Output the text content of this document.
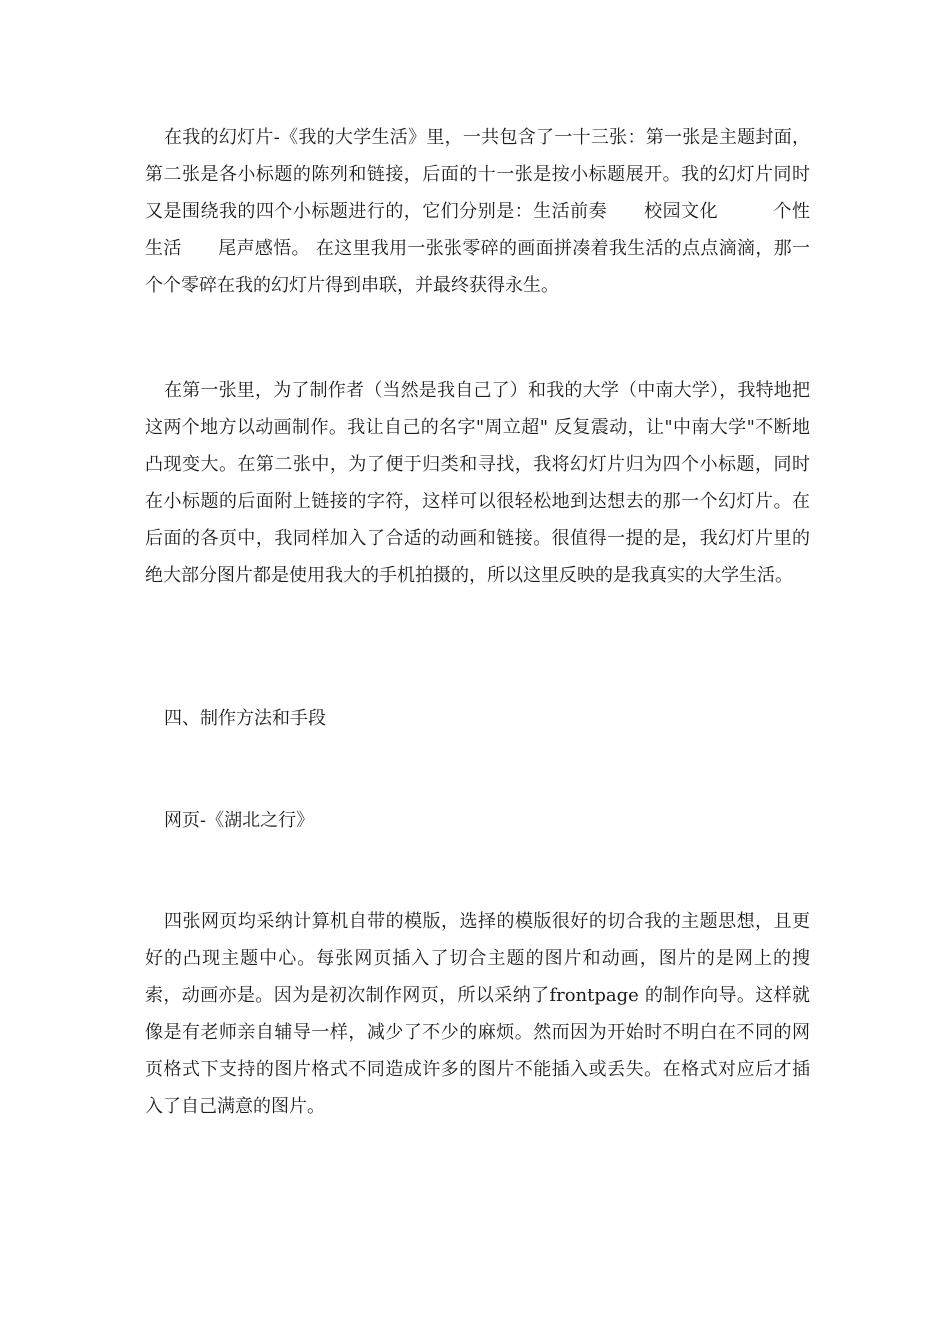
在我的幻灯片-《我的大学生活》里，一共包含了一十三张：第一张是主题封面，第二张是各小标题的陈列和链接，后面的十一张是按小标题展开。我的幻灯片同时又是围绕我的四个小标题进行的，它们分别是：生活前奏　　校园文化　　　个性生活　　尾声感悟。 在这里我用一张张零碎的画面拼凑着我生活的点点滴滴，那一个个零碎在我的幻灯片得到串联，并最终获得永生。

在第一张里，为了制作者（当然是我自己了）和我的大学（中南大学），我特地把这两个地方以动画制作。我让自己的名字"周立超" 反复震动，让"中南大学"不断地凸现变大。在第二张中，为了便于归类和寻找，我将幻灯片归为四个小标题，同时在小标题的后面附上链接的字符，这样可以很轻松地到达想去的那一个幻灯片。在后面的各页中，我同样加入了合适的动画和链接。很值得一提的是，我幻灯片里的绝大部分图片都是使用我大的手机拍摄的，所以这里反映的是我真实的大学生活。

四、制作方法和手段

网页-《湖北之行》

四张网页均采纳计算机自带的模版，选择的模版很好的切合我的主题思想，且更好的凸现主题中心。每张网页插入了切合主题的图片和动画，图片的是网上的搜索，动画亦是。因为是初次制作网页，所以采纳了frontpage 的制作向导。这样就像是有老师亲自辅导一样，减少了不少的麻烦。然而因为开始时不明白在不同的网页格式下支持的图片格式不同造成许多的图片不能插入或丢失。在格式对应后才插入了自己满意的图片。
